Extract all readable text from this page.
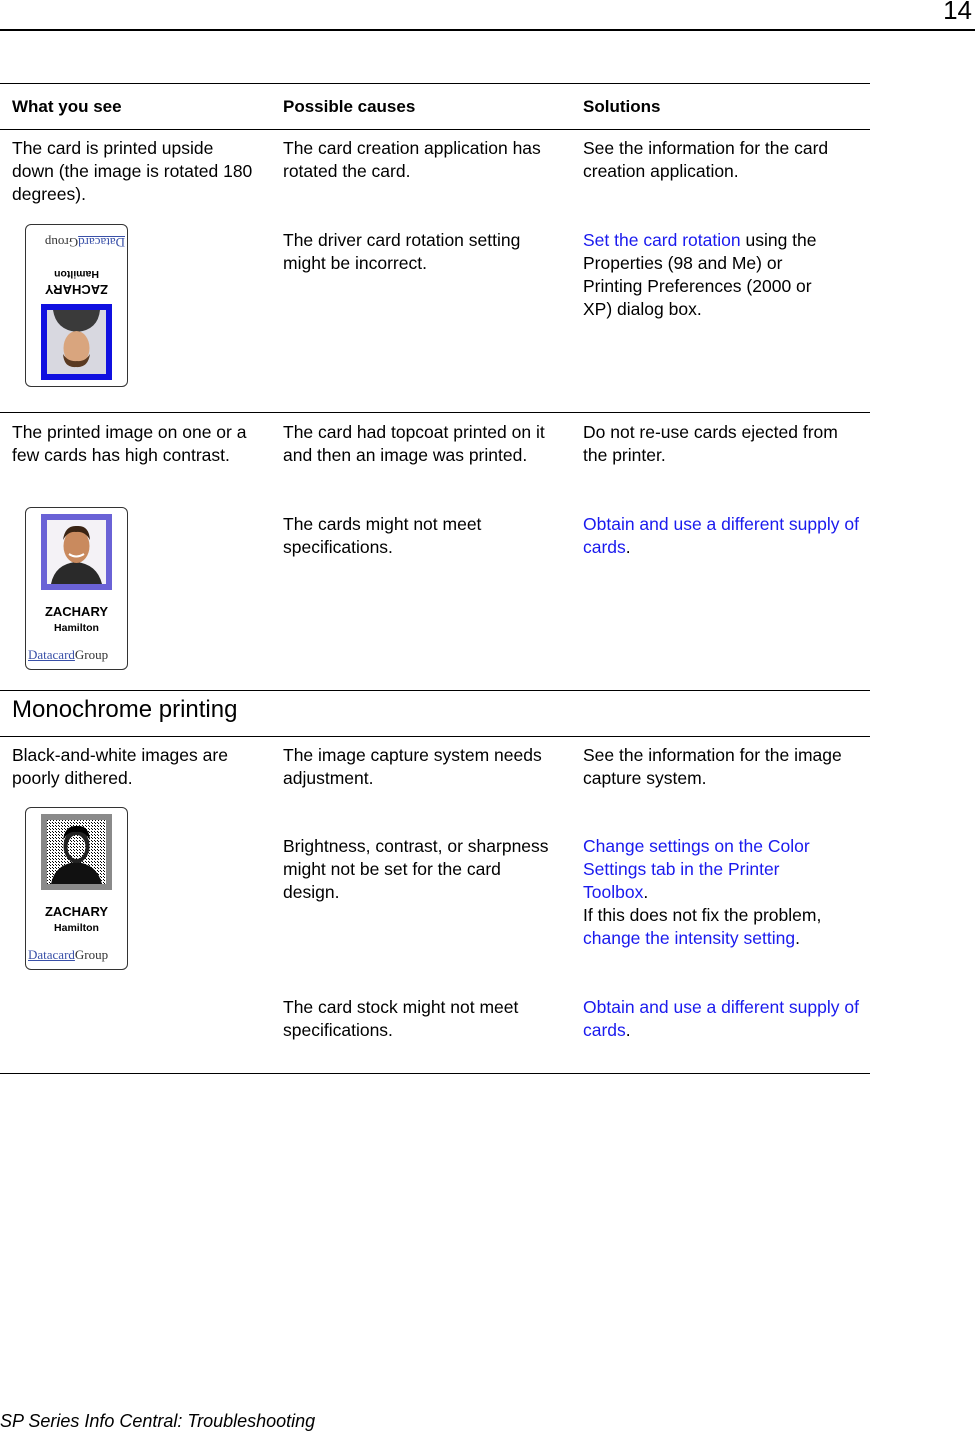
14
What you see	Possible causes	Solutions
The card is printed upside down (the image is rotated 180 degrees).
The card creation application has rotated the card.
See the information for the card creation application.
The driver card rotation setting might be incorrect.
Set the card rotation using the Properties (98 and Me) or Printing Preferences (2000 or XP) dialog box.
ZACHARY
Hamilton
DatacardGroup
The printed image on one or a few cards has high contrast.
The card had topcoat printed on it and then an image was printed.
Do not re-use cards ejected from the printer.
The cards might not meet specifications.
Obtain and use a different supply of cards.
ZACHARY
Hamilton
DatacardGroup
Monochrome printing
Black-and-white images are poorly dithered.
The image capture system needs adjustment.
See the information for the image capture system.
Brightness, contrast, or sharpness might not be set for the card design.
Change settings on the Color Settings tab in the Printer Toolbox.
If this does not fix the problem, change the intensity setting.
The card stock might not meet specifications.
Obtain and use a different supply of cards.
ZACHARY
Hamilton
DatacardGroup
SP Series Info Central: Troubleshooting
